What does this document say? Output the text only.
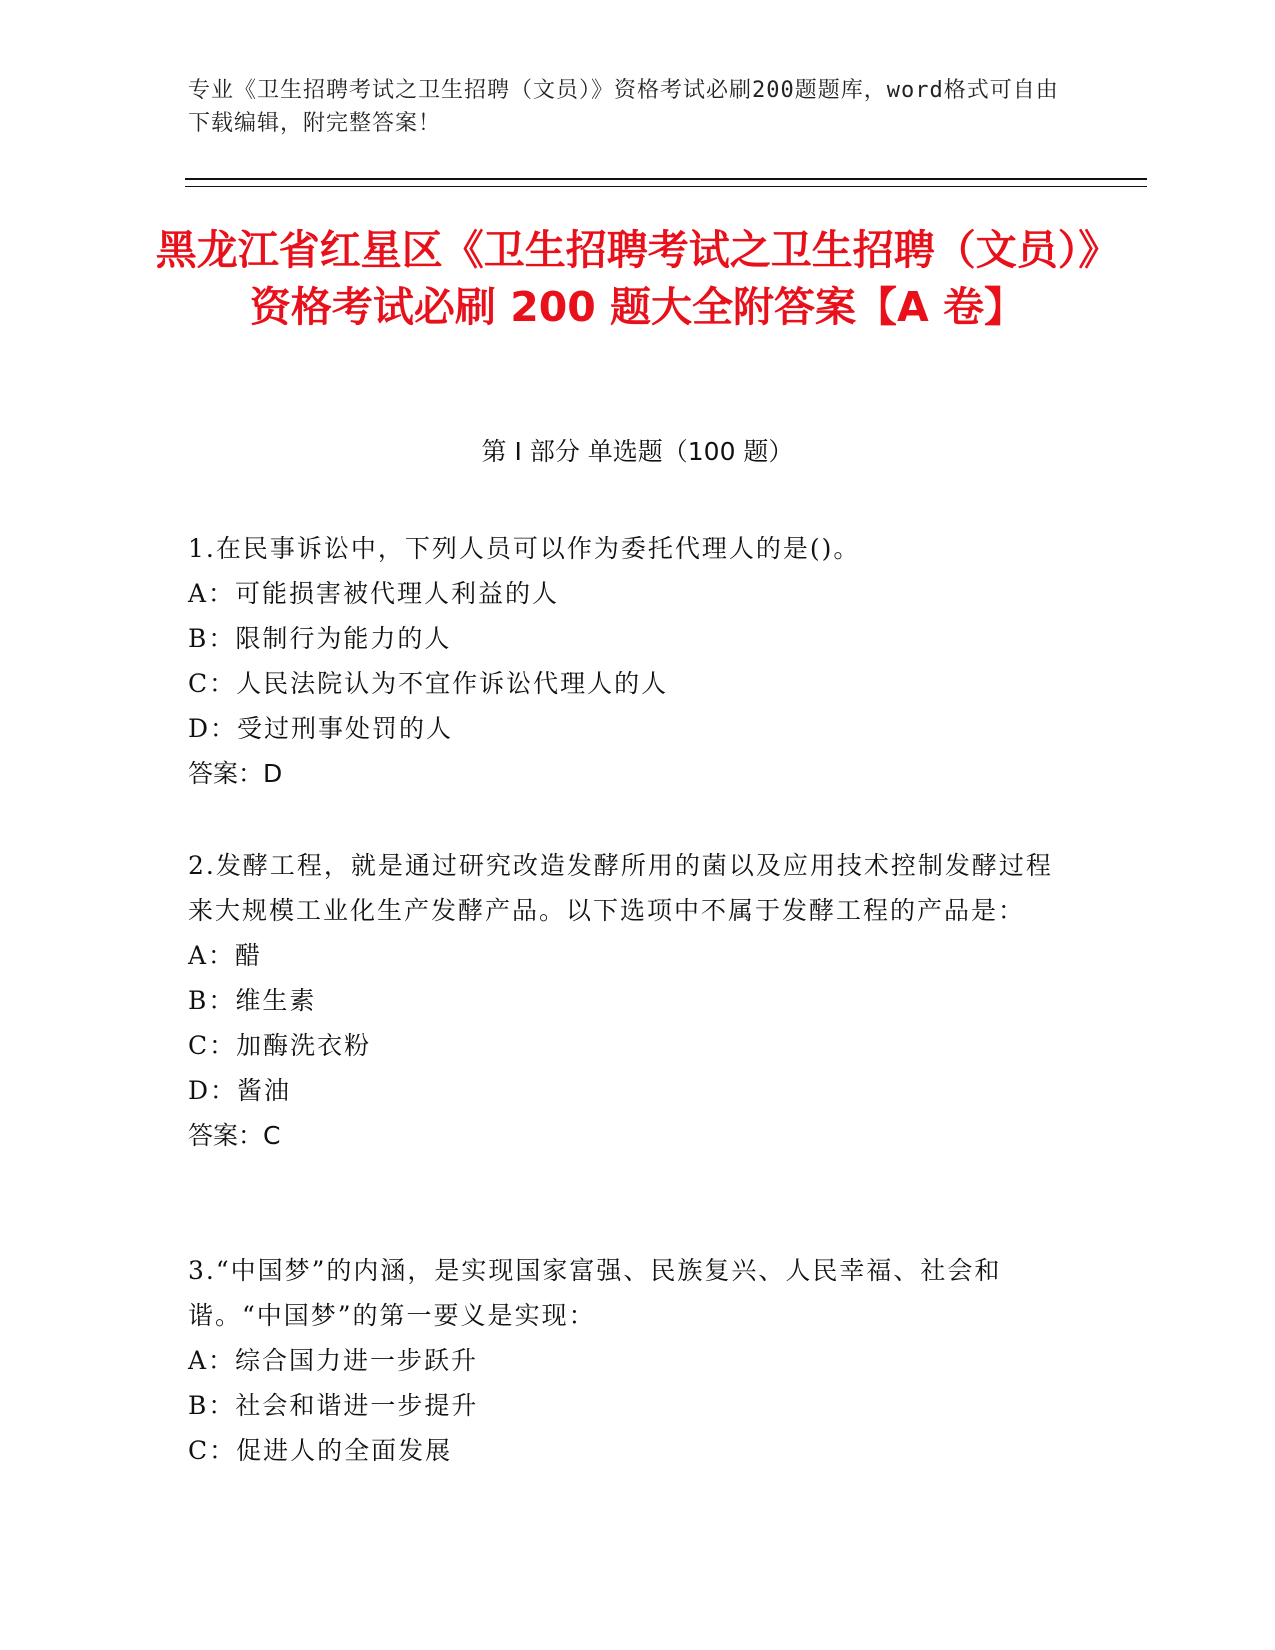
专业《卫生招聘考试之卫生招聘（文员）》资格考试必刷200题题库，word格式可自由下载编辑，附完整答案！
黑龙江省红星区《卫生招聘考试之卫生招聘（文员）》资格考试必刷 200 题大全附答案【A 卷】
第 I 部分 单选题（100 题）
1.在民事诉讼中，下列人员可以作为委托代理人的是()。
A：可能损害被代理人利益的人
B：限制行为能力的人
C：人民法院认为不宜作诉讼代理人的人
D：受过刑事处罚的人
答案：D
2.发酵工程，就是通过研究改造发酵所用的菌以及应用技术控制发酵过程来大规模工业化生产发酵产品。以下选项中不属于发酵工程的产品是：
A：醋
B：维生素
C：加酶洗衣粉
D：酱油
答案：C
3.“中国梦”的内涵，是实现国家富强、民族复兴、人民幸福、社会和谐。“中国梦”的第一要义是实现：
A：综合国力进一步跃升
B：社会和谐进一步提升
C：促进人的全面发展
